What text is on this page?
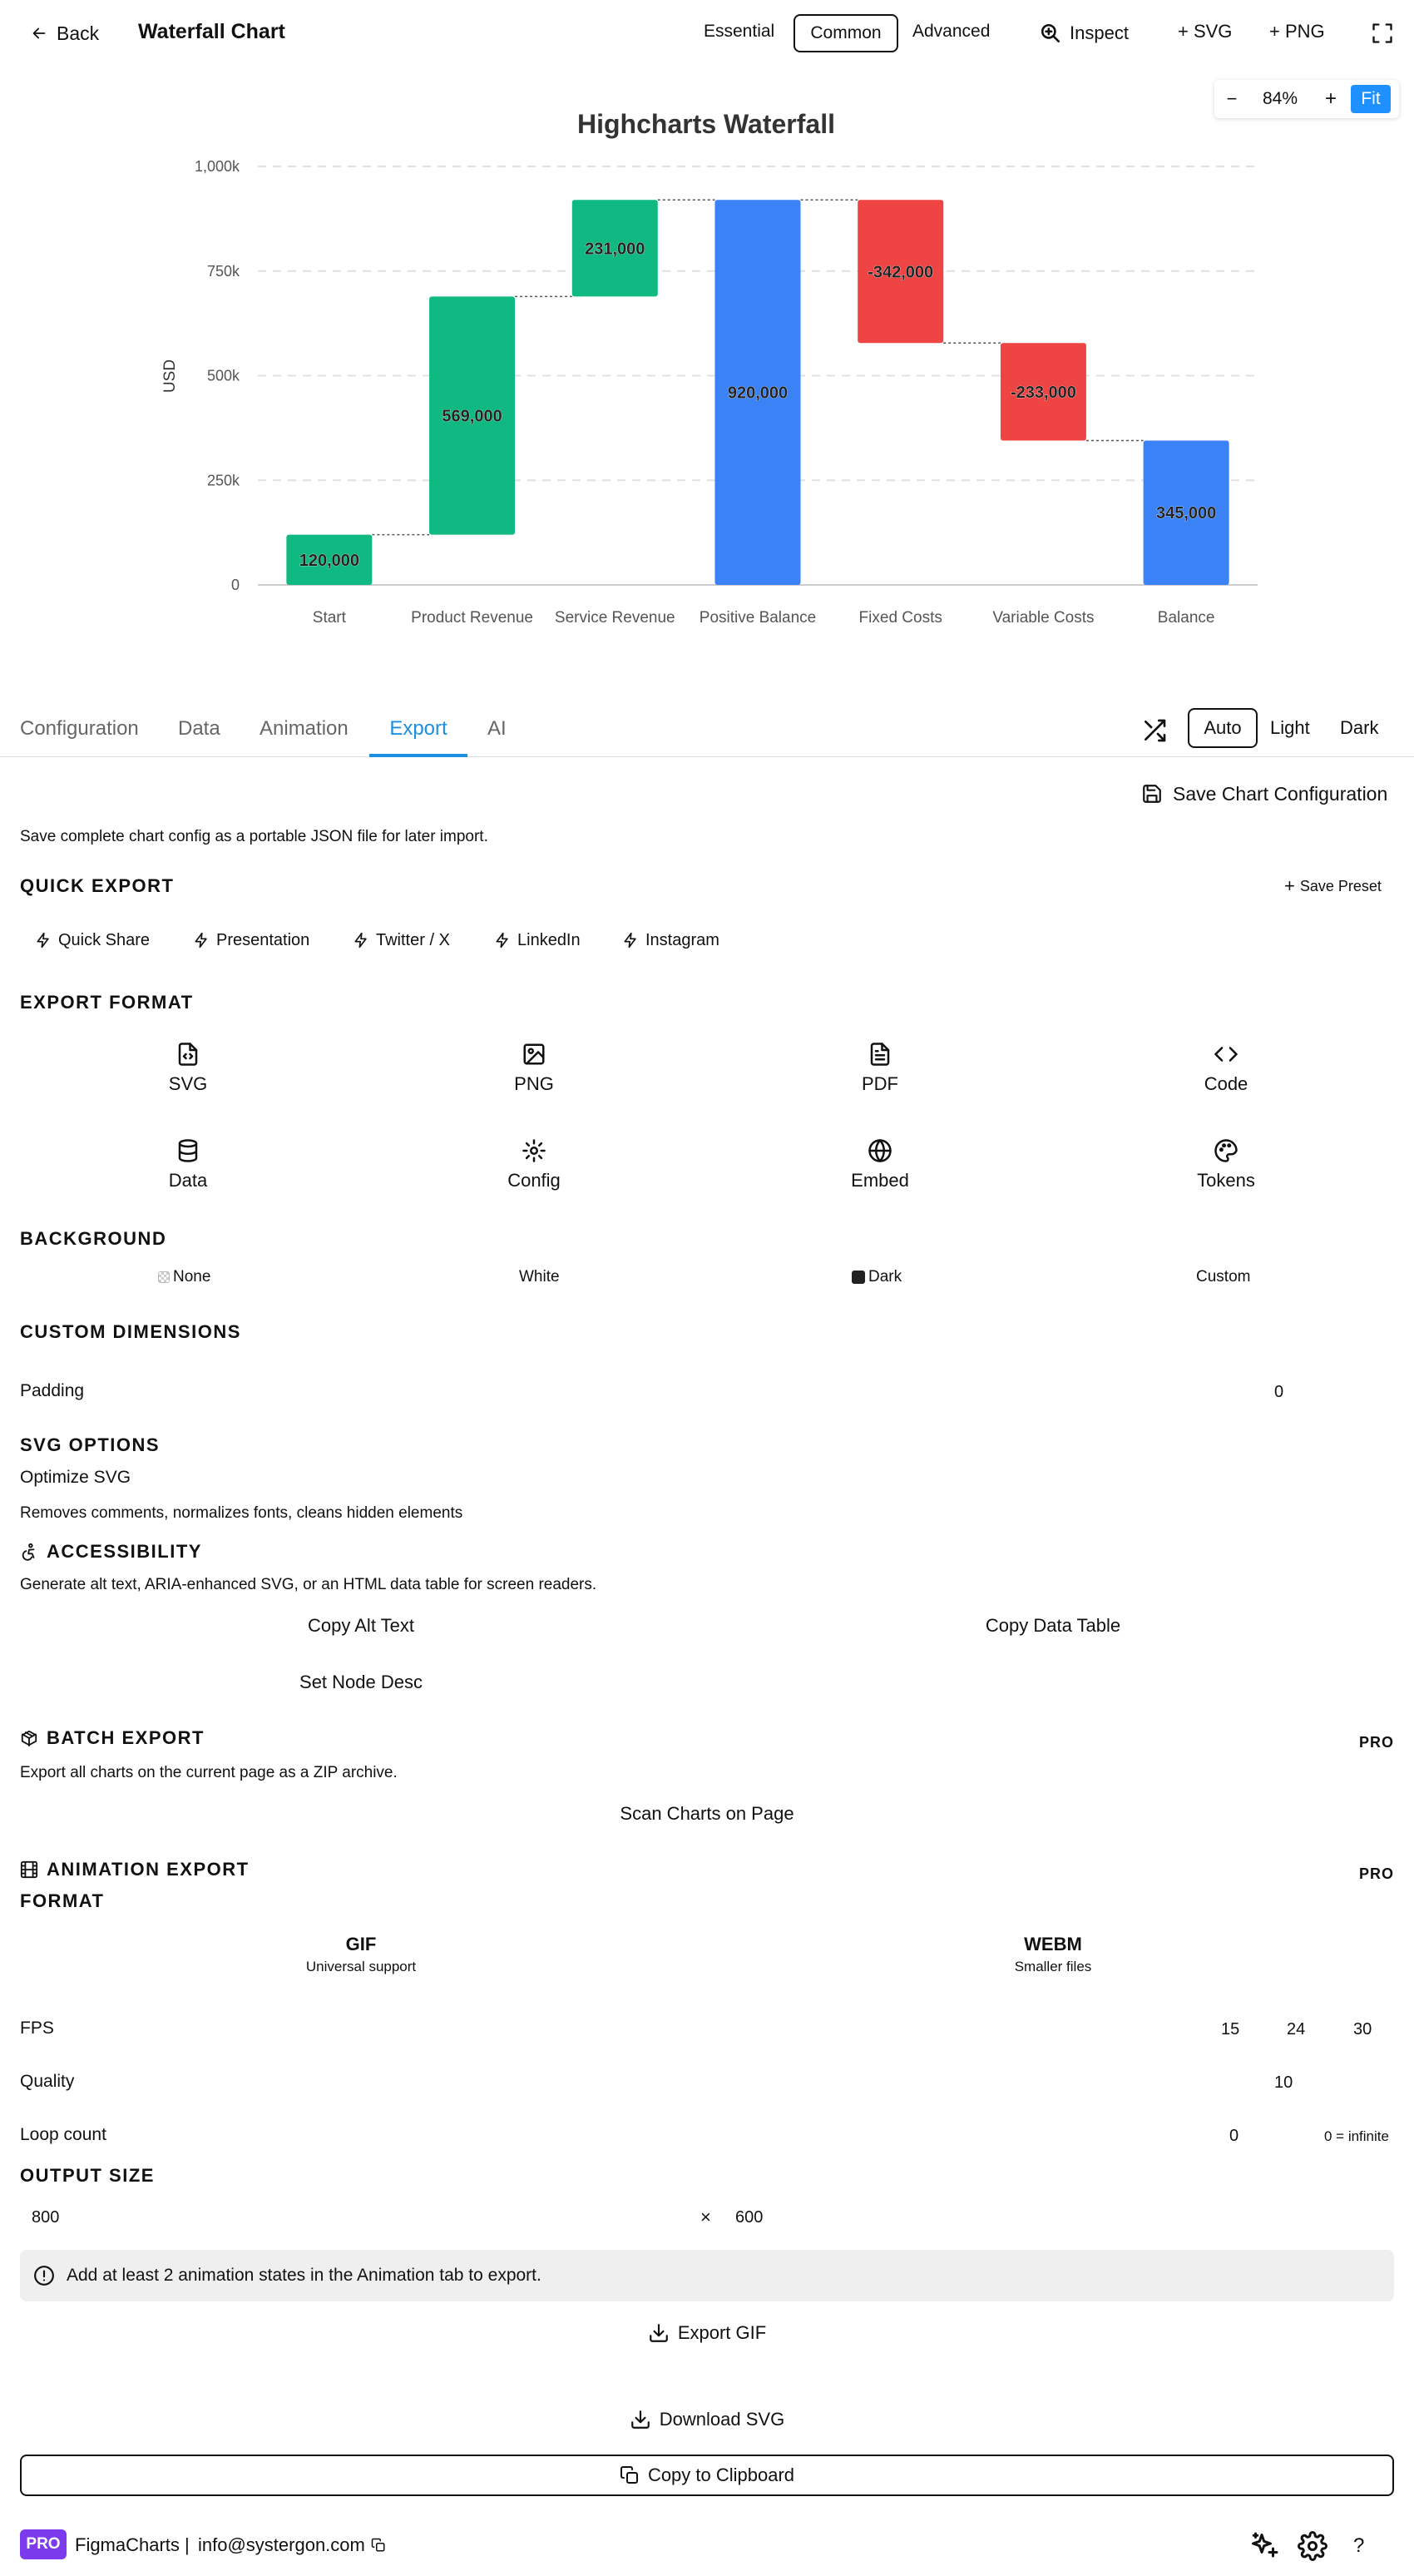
Back Waterfall Chart	Essential	Common	Advanced	Inspect	+ SVG + PNG
−	84%	+	Fit
Highcharts Waterfall
USD
0
250k
500k
750k
1,000k
120,000
Start
569,000
Product Revenue
231,000
Service Revenue
920,000
Positive Balance
-342,000
Fixed Costs
-233,000
Variable Costs
345,000
Balance
Configuration Data Animation	Export	AI	Auto	Light Dark
Save Chart Configuration
Save complete chart config as a portable JSON file for later import.
QUICK EXPORT	+ Save Preset
Quick Share	Presentation	Twitter / X	LinkedIn	Instagram
EXPORT FORMAT
SVG	PNG	PDF	Code
Data	Config	Embed	Tokens
BACKGROUND
None	White	Dark	Custom
CUSTOM DIMENSIONS
Padding	0
SVG OPTIONS
Optimize SVG
Removes comments, normalizes fonts, cleans hidden elements
ACCESSIBILITY
Generate alt text, ARIA-enhanced SVG, or an HTML data table for screen readers.
Copy Alt Text	Copy Data Table
Set Node Desc
BATCH EXPORT	PRO
Export all charts on the current page as a ZIP archive.
Scan Charts on Page
ANIMATION EXPORT	PRO
FORMAT
GIF
Universal support
WEBM
Smaller files
FPS	15	24	30
Quality	10
Loop count	0	0 = infinite
OUTPUT SIZE
800	× 600
Add at least 2 animation states in the Animation tab to export.
Export GIF
Download SVG
Copy to Clipboard
PRO FigmaCharts | info@systergon.com	?
